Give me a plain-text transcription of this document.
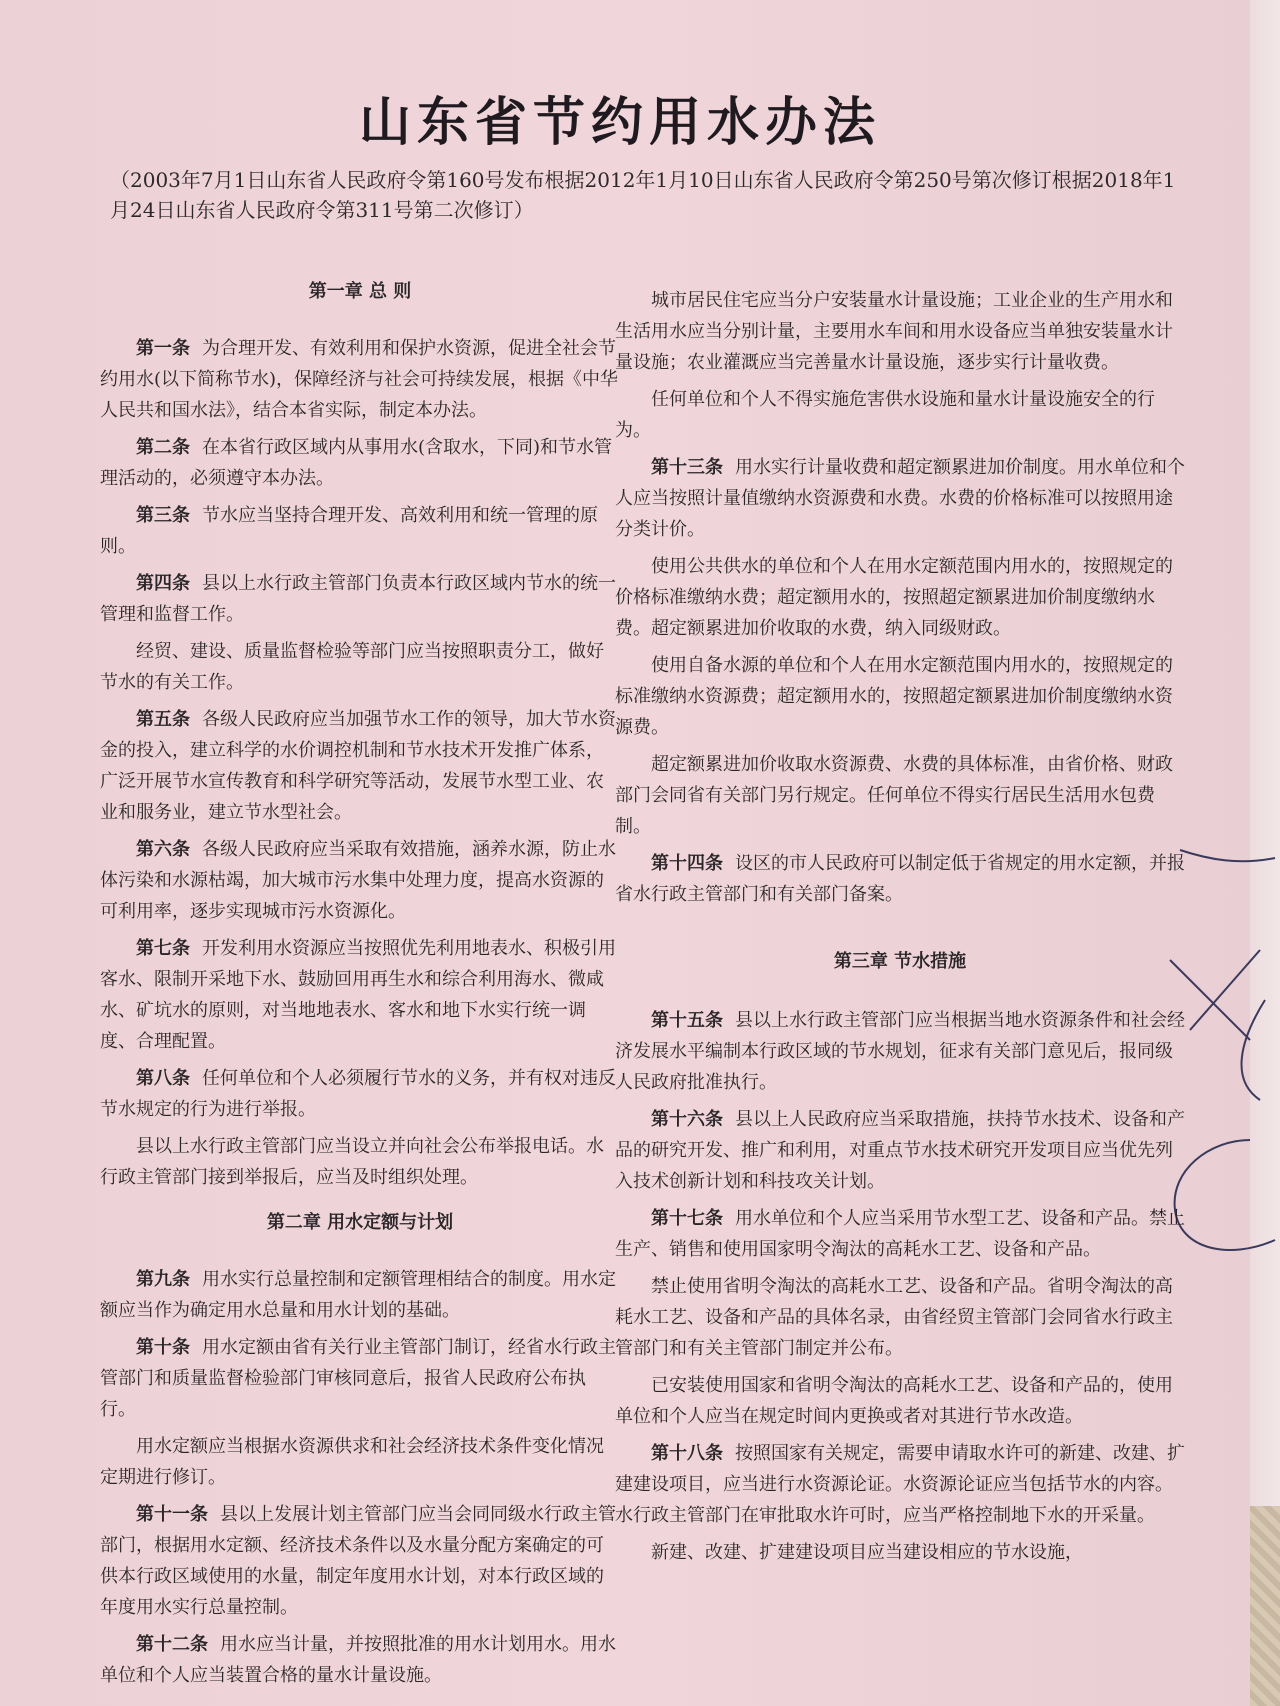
山东省节约用水办法
（2003年7月1日山东省人民政府令第160号发布根据2012年1月10日山东省人民政府令第250号第次修订根据2018年1月24日山东省人民政府令第311号第二次修订）
第一章 总 则

第一条 为合理开发、有效利用和保护水资源，促进全社会节约用水(以下简称节水)，保障经济与社会可持续发展，根据《中华人民共和国水法》，结合本省实际，制定本办法。

第二条 在本省行政区域内从事用水(含取水，下同)和节水管理活动的，必须遵守本办法。

第三条 节水应当坚持合理开发、高效利用和统一管理的原则。

第四条 县以上水行政主管部门负责本行政区域内节水的统一管理和监督工作。

经贸、建设、质量监督检验等部门应当按照职责分工，做好节水的有关工作。

第五条 各级人民政府应当加强节水工作的领导，加大节水资金的投入，建立科学的水价调控机制和节水技术开发推广体系，广泛开展节水宣传教育和科学研究等活动，发展节水型工业、农业和服务业，建立节水型社会。

第六条 各级人民政府应当采取有效措施，涵养水源，防止水体污染和水源枯竭，加大城市污水集中处理力度，提高水资源的可利用率，逐步实现城市污水资源化。

第七条 开发利用水资源应当按照优先利用地表水、积极引用客水、限制开采地下水、鼓励回用再生水和综合利用海水、微咸水、矿坑水的原则，对当地地表水、客水和地下水实行统一调度、合理配置。

第八条 任何单位和个人必须履行节水的义务，并有权对违反节水规定的行为进行举报。

县以上水行政主管部门应当设立并向社会公布举报电话。水行政主管部门接到举报后，应当及时组织处理。

第二章 用水定额与计划

第九条 用水实行总量控制和定额管理相结合的制度。用水定额应当作为确定用水总量和用水计划的基础。

第十条 用水定额由省有关行业主管部门制订，经省水行政主管部门和质量监督检验部门审核同意后，报省人民政府公布执行。

用水定额应当根据水资源供求和社会经济技术条件变化情况定期进行修订。

第十一条 县以上发展计划主管部门应当会同同级水行政主管部门，根据用水定额、经济技术条件以及水量分配方案确定的可供本行政区域使用的水量，制定年度用水计划，对本行政区域的年度用水实行总量控制。

第十二条 用水应当计量，并按照批准的用水计划用水。用水单位和个人应当装置合格的量水计量设施。

城市居民住宅应当分户安装量水计量设施；工业企业的生产用水和生活用水应当分别计量，主要用水车间和用水设备应当单独安装量水计量设施；农业灌溉应当完善量水计量设施，逐步实行计量收费。

任何单位和个人不得实施危害供水设施和量水计量设施安全的行为。

第十三条 用水实行计量收费和超定额累进加价制度。用水单位和个人应当按照计量值缴纳水资源费和水费。水费的价格标准可以按照用途分类计价。

使用公共供水的单位和个人在用水定额范围内用水的，按照规定的价格标准缴纳水费；超定额用水的，按照超定额累进加价制度缴纳水费。超定额累进加价收取的水费，纳入同级财政。

使用自备水源的单位和个人在用水定额范围内用水的，按照规定的标准缴纳水资源费；超定额用水的，按照超定额累进加价制度缴纳水资源费。

超定额累进加价收取水资源费、水费的具体标准，由省价格、财政部门会同省有关部门另行规定。任何单位不得实行居民生活用水包费制。

第十四条 设区的市人民政府可以制定低于省规定的用水定额，并报省水行政主管部门和有关部门备案。

第三章 节水措施

第十五条 县以上水行政主管部门应当根据当地水资源条件和社会经济发展水平编制本行政区域的节水规划，征求有关部门意见后，报同级人民政府批准执行。

第十六条 县以上人民政府应当采取措施，扶持节水技术、设备和产品的研究开发、推广和利用，对重点节水技术研究开发项目应当优先列入技术创新计划和科技攻关计划。

第十七条 用水单位和个人应当采用节水型工艺、设备和产品。禁止生产、销售和使用国家明令淘汰的高耗水工艺、设备和产品。

禁止使用省明令淘汰的高耗水工艺、设备和产品。省明令淘汰的高耗水工艺、设备和产品的具体名录，由省经贸主管部门会同省水行政主管部门和有关主管部门制定并公布。

已安装使用国家和省明令淘汰的高耗水工艺、设备和产品的，使用单位和个人应当在规定时间内更换或者对其进行节水改造。

第十八条 按照国家有关规定，需要申请取水许可的新建、改建、扩建建设项目，应当进行水资源论证。水资源论证应当包括节水的内容。水行政主管部门在审批取水许可时，应当严格控制地下水的开采量。

新建、改建、扩建建设项目应当建设相应的节水设施，
